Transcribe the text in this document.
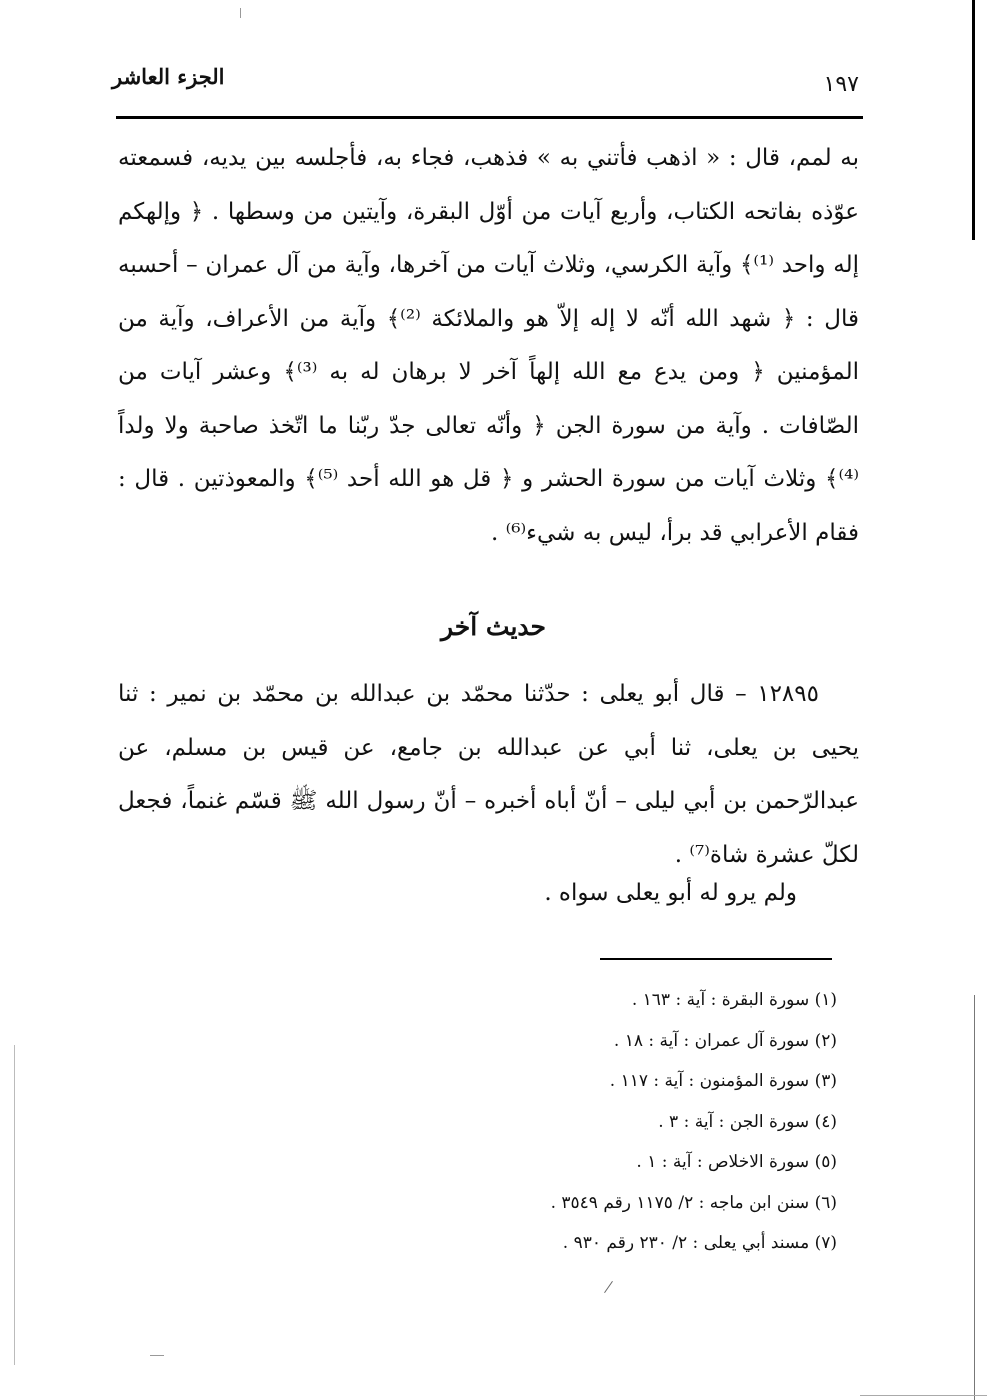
الجزء العاشر	١٩٧

به لمم، قال : « اذهب فأتني به » فذهب، فجاء به، فأجلسه بين يديه، فسمعته عوّذه بفاتحه الكتاب، وأربع آيات من أوّل البقرة، وآيتين من وسطها . ﴿ وإلهكم إله واحد ⁽¹⁾﴾ وآية الكرسي، وثلاث آيات من آخرها، وآية من آل عمران – أحسبه قال : ﴿ شهد الله أنّه لا إله إلاّ هو والملائكة ⁽²⁾﴾ وآية من الأعراف، وآية من المؤمنين ﴿ ومن يدع مع الله إلهاً آخر لا برهان له به ⁽³⁾﴾ وعشر آيات من الصّافات . وآية من سورة الجن ﴿ وأنّه تعالى جدّ ربّنا ما اتّخذ صاحبة ولا ولداً ⁽⁴⁾﴾ وثلاث آيات من سورة الحشر و ﴿ قل هو الله أحد ⁽⁵⁾﴾ والمعوذتين . قال : فقام الأعرابي قد برأ، ليس به شيء⁽⁶⁾ .

حديث آخر

١٢٨٩٥ – قال أبو يعلى : حدّثنا محمّد بن عبدالله بن محمّد بن نمير : ثنا يحيى بن يعلى، ثنا أبي عن عبدالله بن جامع، عن قيس بن مسلم، عن عبدالرّحمن بن أبي ليلى – أنّ أباه أخبره – أنّ رسول الله ﷺ قسّم غنماً، فجعل لكلّ عشرة شاة⁽⁷⁾ .

ولم يرو له أبو يعلى سواه .
(١) سورة البقرة : آية : ١٦٣ .
(٢) سورة آل عمران : آية : ١٨ .
(٣) سورة المؤمنون : آية : ١١٧ .
(٤) سورة الجن : آية : ٣ .
(٥) سورة الاخلاص : آية : ١ .
(٦) سنن ابن ماجه : ٢/ ١١٧٥ رقم ٣٥٤٩ .
(٧) مسند أبي يعلى : ٢/ ٢٣٠ رقم ٩٣٠ .
